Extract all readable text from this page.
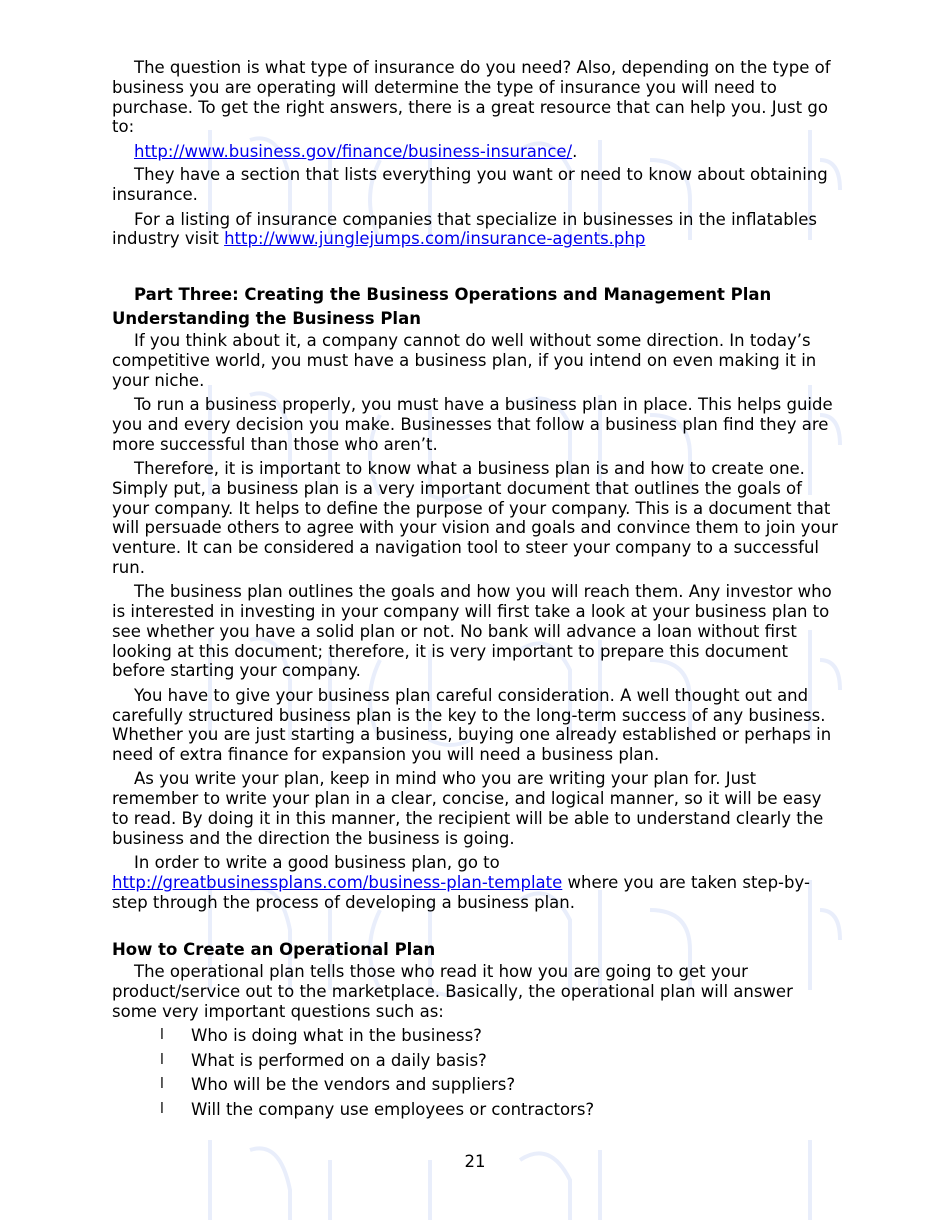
The question is what type of insurance do you need? Also, depending on the type of business you are operating will determine the type of insurance you will need to purchase. To get the right answers, there is a great resource that can help you. Just go to:

http://www.business.gov/finance/business-insurance/.

They have a section that lists everything you want or need to know about obtaining insurance.

For a listing of insurance companies that specialize in businesses in the inflatables industry visit http://www.junglejumps.com/insurance-agents.php

Part Three: Creating the Business Operations and Management Plan
Understanding the Business Plan

If you think about it, a company cannot do well without some direction. In today’s competitive world, you must have a business plan, if you intend on even making it in your niche.

To run a business properly, you must have a business plan in place. This helps guide you and every decision you make. Businesses that follow a business plan find they are more successful than those who aren’t.

Therefore, it is important to know what a business plan is and how to create one. Simply put, a business plan is a very important document that outlines the goals of your company. It helps to define the purpose of your company. This is a document that will persuade others to agree with your vision and goals and convince them to join your venture. It can be considered a navigation tool to steer your company to a successful run.

The business plan outlines the goals and how you will reach them. Any investor who is interested in investing in your company will first take a look at your business plan to see whether you have a solid plan or not. No bank will advance a loan without first looking at this document; therefore, it is very important to prepare this document before starting your company.

You have to give your business plan careful consideration. A well thought out and carefully structured business plan is the key to the long-term success of any business. Whether you are just starting a business, buying one already established or perhaps in need of extra finance for expansion you will need a business plan.

As you write your plan, keep in mind who you are writing your plan for. Just remember to write your plan in a clear, concise, and logical manner, so it will be easy to read. By doing it in this manner, the recipient will be able to understand clearly the business and the direction the business is going.

In order to write a good business plan, go to http://greatbusinessplans.com/business-plan-template where you are taken step-by-step through the process of developing a business plan.

How to Create an Operational Plan

The operational plan tells those who read it how you are going to get your product/service out to the marketplace. Basically, the operational plan will answer some very important questions such as:

l Who is doing what in the business?
l What is performed on a daily basis?
l Who will be the vendors and suppliers?
l Will the company use employees or contractors?
21
